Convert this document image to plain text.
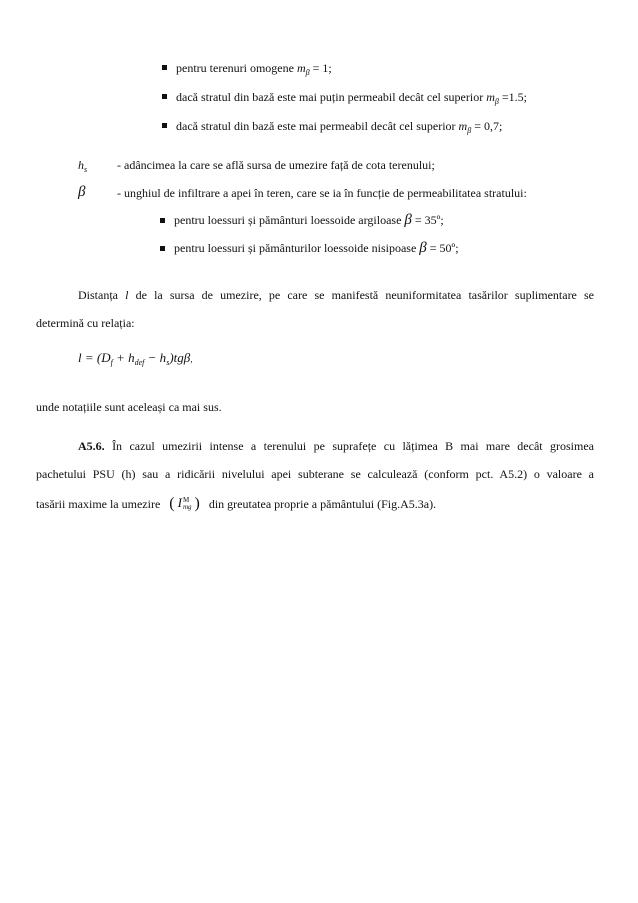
pentru terenuri omogene $m_\beta = 1$;
dacă stratul din bază este mai puțin permeabil decât cel superior $m_\beta =1.5$;
dacă stratul din bază este mai permeabil decât cel superior $m_\beta = 0,7$;
$h_s$ - adâncimea la care se află sursa de umezire față de cota terenului;
β	- unghiul de infiltrare a apei în teren, care se ia în funcție de permeabilitatea stratului:
pentru loessuri și pământuri loessoide argiloase β = 35º;
pentru loessuri și pământurilor loessoide nisipoase β = 50º;
Distanța l de la sursa de umezire, pe care se manifestă neuniformitatea tasărilor suplimentare se
determină cu relația:
$l = (D_f + h_{def} - h_s)tg\beta$,
unde notațiile sunt aceleași ca mai sus.
A5.6. În cazul umezirii intense a terenului pe suprafețe cu lățimea B mai mare decât grosimea
pachetului PSU (h) sau a ridicării nivelului apei subterane se calculează (conform pct. A5.2) o valoare a
tasării maxime la umezire ( I M
mg ) din greutatea proprie a pământului (Fig.A5.3a).
